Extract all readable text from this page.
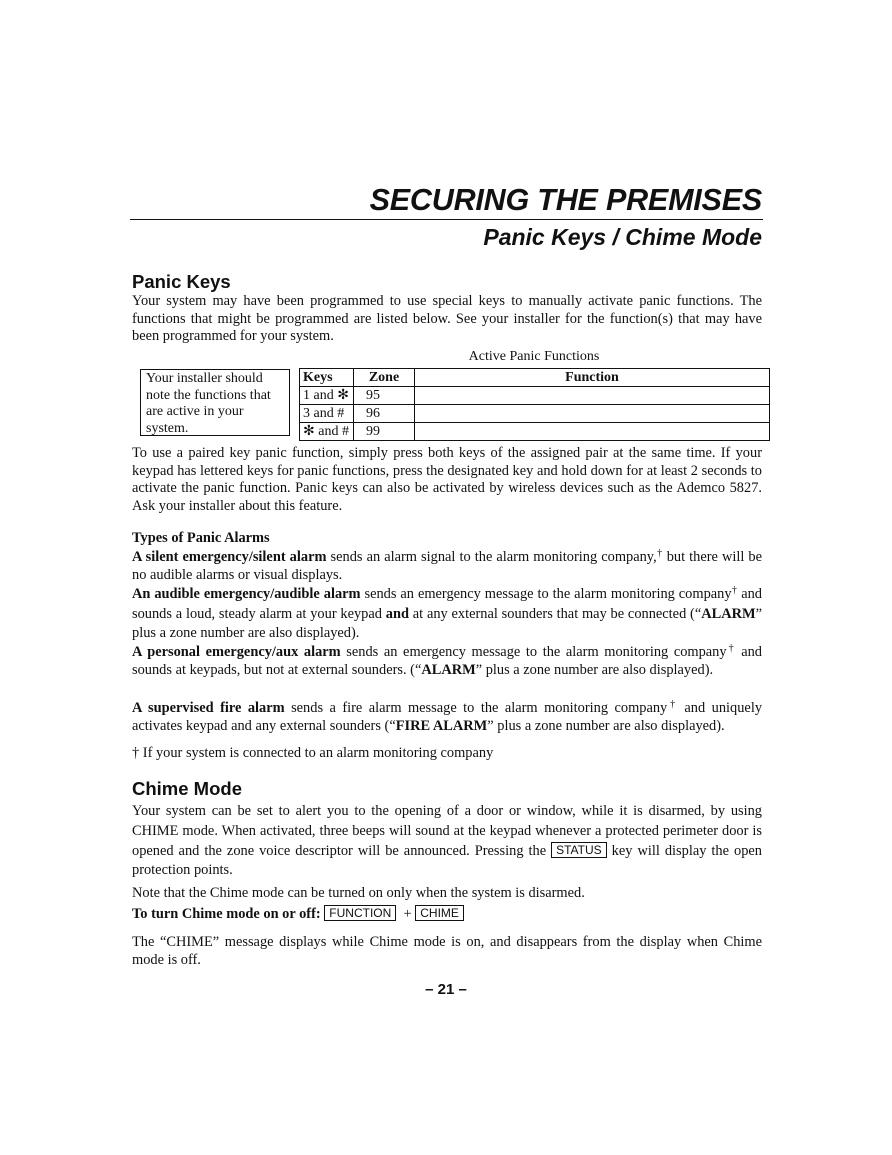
SECURING THE PREMISES
Panic Keys / Chime Mode
Panic Keys

Your system may have been programmed to use special keys to manually activate panic functions. The functions that might be programmed are listed below. See your installer for the function(s) that may have been programmed for your system.

Active Panic Functions

Your installer should note the functions that are active in your system.
Keys	Zone	Function
1 and ✻	95	
3 and #	96	
✻ and #	99	

To use a paired key panic function, simply press both keys of the assigned pair at the same time. If your keypad has lettered keys for panic functions, press the designated key and hold down for at least 2 seconds to activate the panic function. Panic keys can also be activated by wireless devices such as the Ademco 5827. Ask your installer about this feature.

Types of Panic Alarms

A silent emergency/silent alarm sends an alarm signal to the alarm monitoring company,† but there will be no audible alarms or visual displays.

An audible emergency/audible alarm sends an emergency message to the alarm monitoring company† and sounds a loud, steady alarm at your keypad and at any external sounders that may be connected (“ALARM” plus a zone number are also displayed).

A personal emergency/aux alarm sends an emergency message to the alarm monitoring company† and sounds at keypads, but not at external sounders. (“ALARM” plus a zone number are also displayed).

A supervised fire alarm sends a fire alarm message to the alarm monitoring company† and uniquely activates keypad and any external sounders (“FIRE ALARM” plus a zone number are also displayed).

† If your system is connected to an alarm monitoring company

Chime Mode

Your system can be set to alert you to the opening of a door or window, while it is disarmed, by using CHIME mode. When activated, three beeps will sound at the keypad whenever a protected perimeter door is opened and the zone voice descriptor will be announced. Pressing the STATUS key will display the open protection points.

Note that the Chime mode can be turned on only when the system is disarmed.

To turn Chime mode on or off: FUNCTION + CHIME

The “CHIME” message displays while Chime mode is on, and disappears from the display when Chime mode is off.

– 21 –
